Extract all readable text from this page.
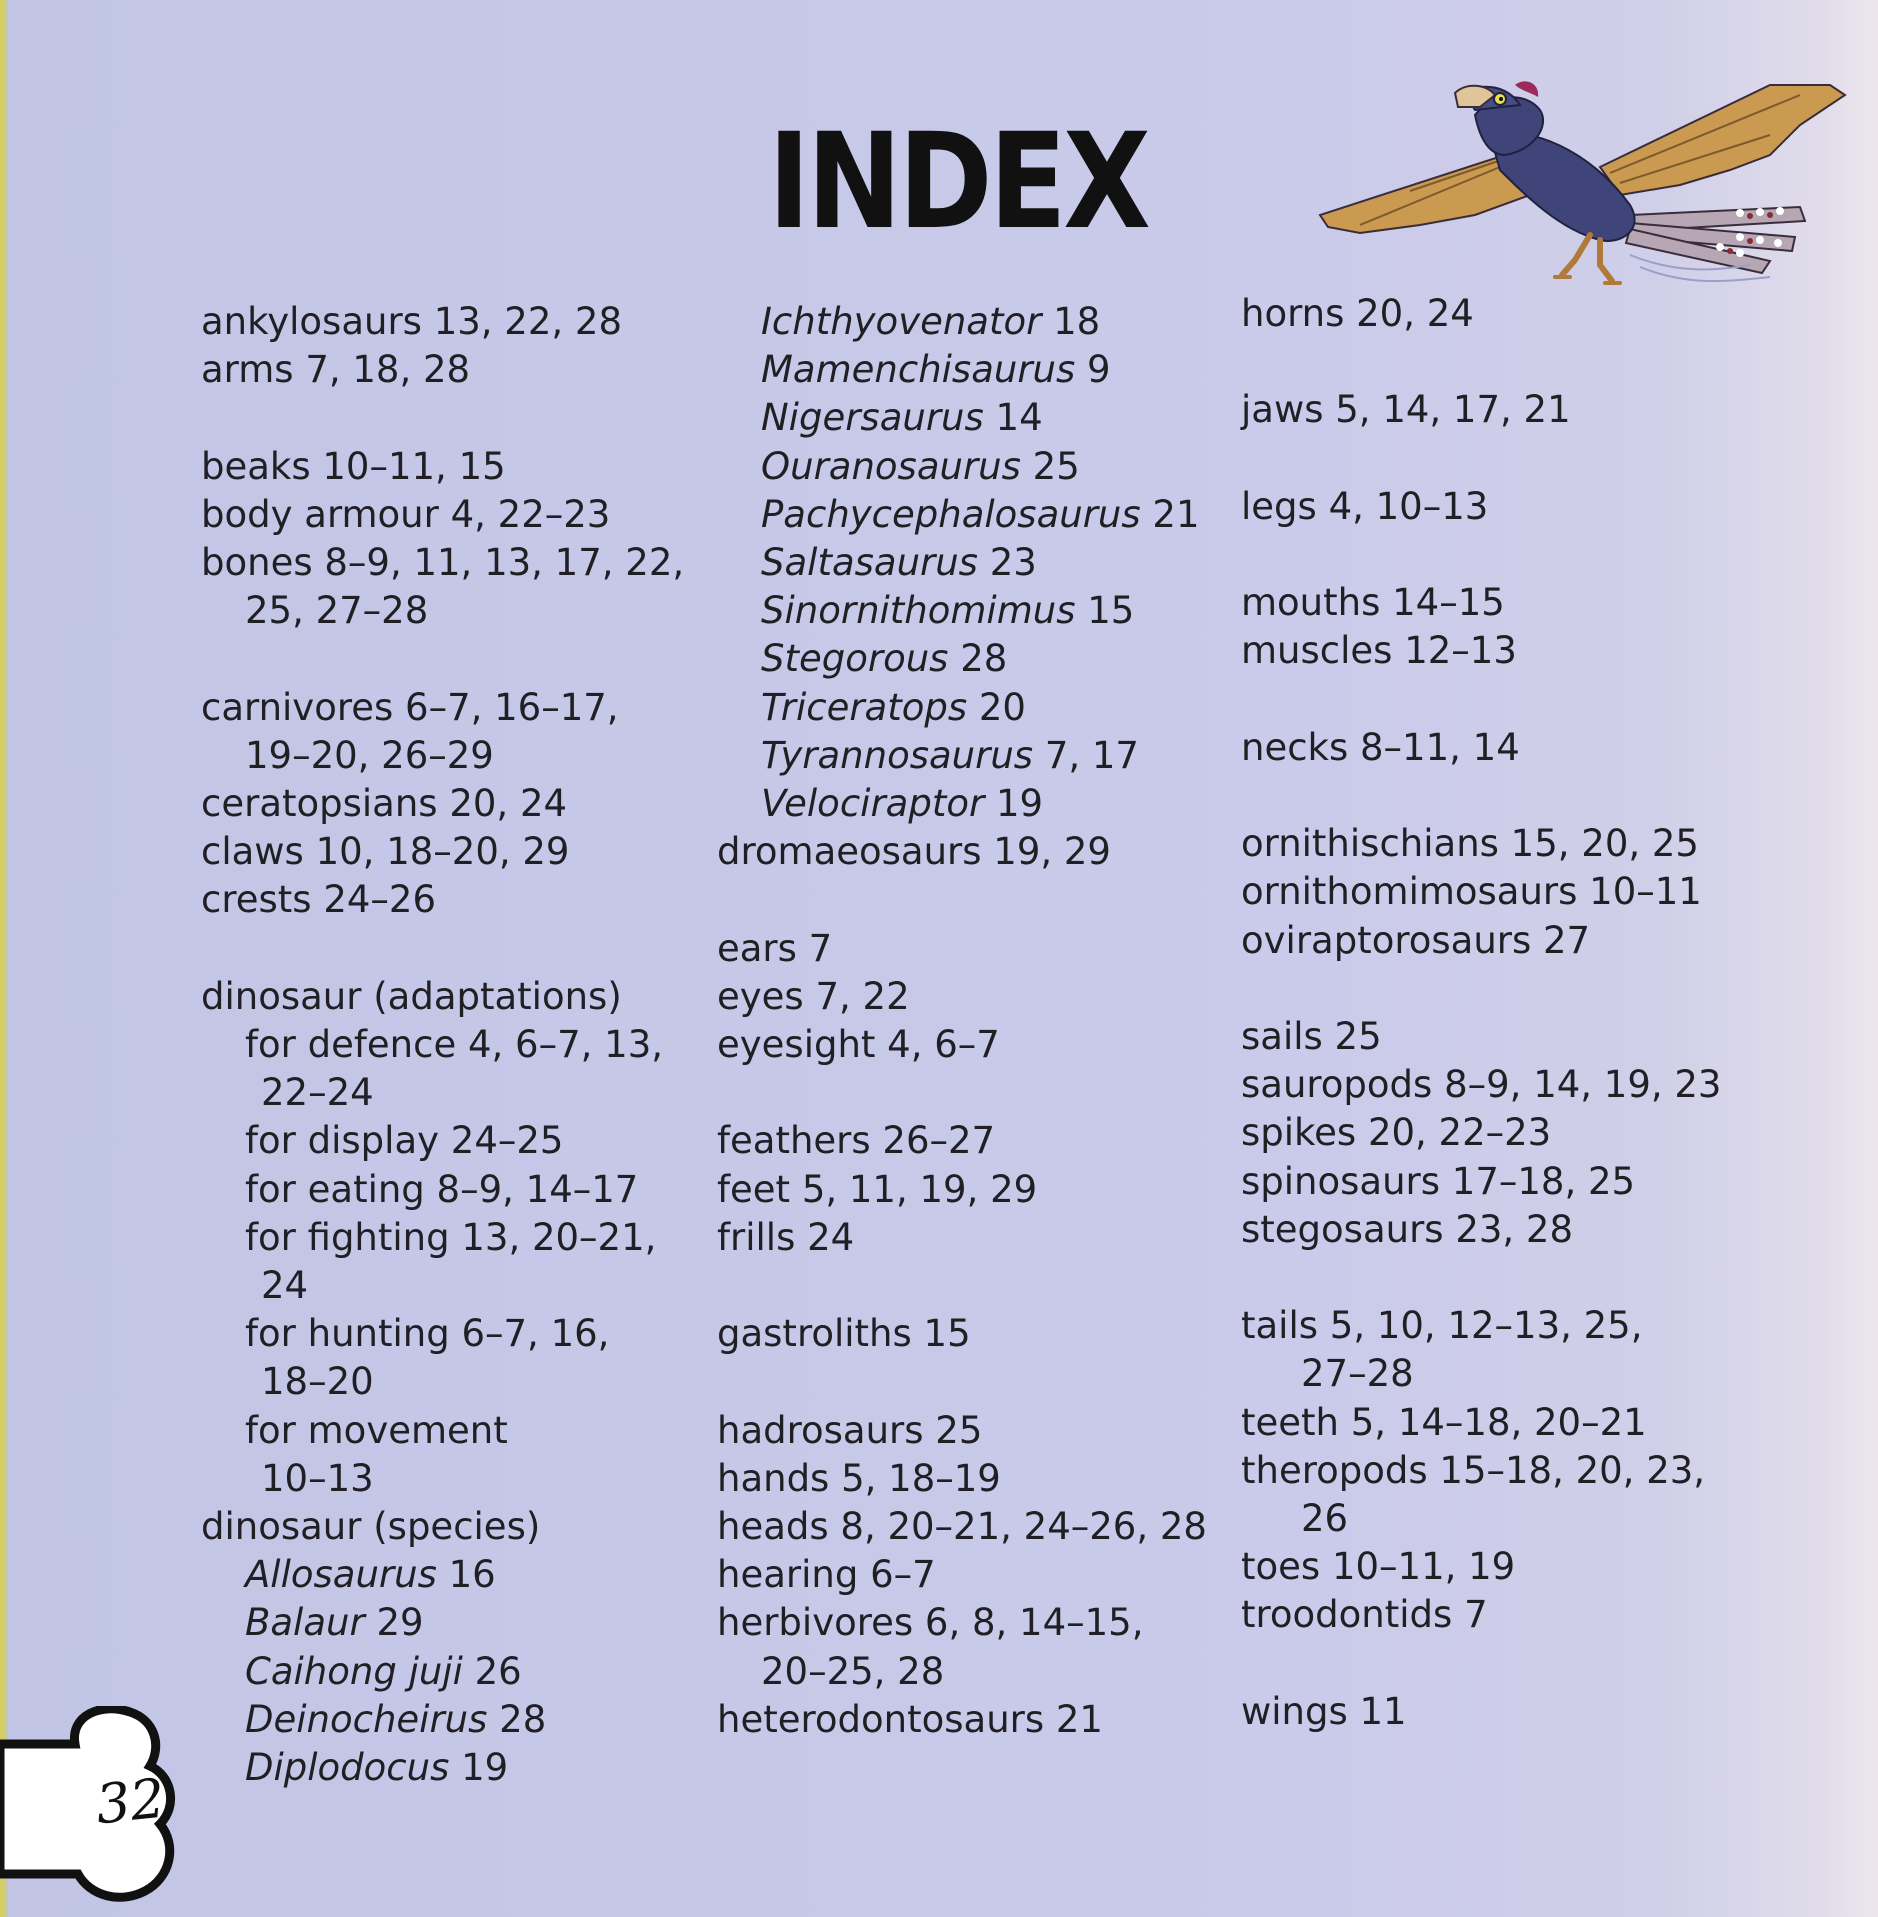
INDEX
ankylosaurs 13, 22, 28
arms 7, 18, 28
beaks 10–11, 15
body armour 4, 22–23
bones 8–9, 11, 13, 17, 22,
25, 27–28
carnivores 6–7, 16–17,
19–20, 26–29
ceratopsians 20, 24
claws 10, 18–20, 29
crests 24–26
dinosaur (adaptations)
for defence 4, 6–7, 13,
22–24
for display 24–25
for eating 8–9, 14–17
for fighting 13, 20–21,
24
for hunting 6–7, 16,
18–20
for movement
10–13
dinosaur (species)
Allosaurus 16
Balaur 29
Caihong juji 26
Deinocheirus 28
Diplodocus 19
Ichthyovenator 18
Mamenchisaurus 9
Nigersaurus 14
Ouranosaurus 25
Pachycephalosaurus 21
Saltasaurus 23
Sinornithomimus 15
Stegorous 28
Triceratops 20
Tyrannosaurus 7, 17
Velociraptor 19
dromaeosaurs 19, 29
ears 7
eyes 7, 22
eyesight 4, 6–7
feathers 26–27
feet 5, 11, 19, 29
frills 24
gastroliths 15
hadrosaurs 25
hands 5, 18–19
heads 8, 20–21, 24–26, 28
hearing 6–7
herbivores 6, 8, 14–15,
20–25, 28
heterodontosaurs 21
horns 20, 24
jaws 5, 14, 17, 21
legs 4, 10–13
mouths 14–15
muscles 12–13
necks 8–11, 14
ornithischians 15, 20, 25
ornithomimosaurs 10–11
oviraptorosaurs 27
sails 25
sauropods 8–9, 14, 19, 23
spikes 20, 22–23
spinosaurs 17–18, 25
stegosaurs 23, 28
tails 5, 10, 12–13, 25,
27–28
teeth 5, 14–18, 20–21
theropods 15–18, 20, 23,
26
toes 10–11, 19
troodontids 7
wings 11
32
